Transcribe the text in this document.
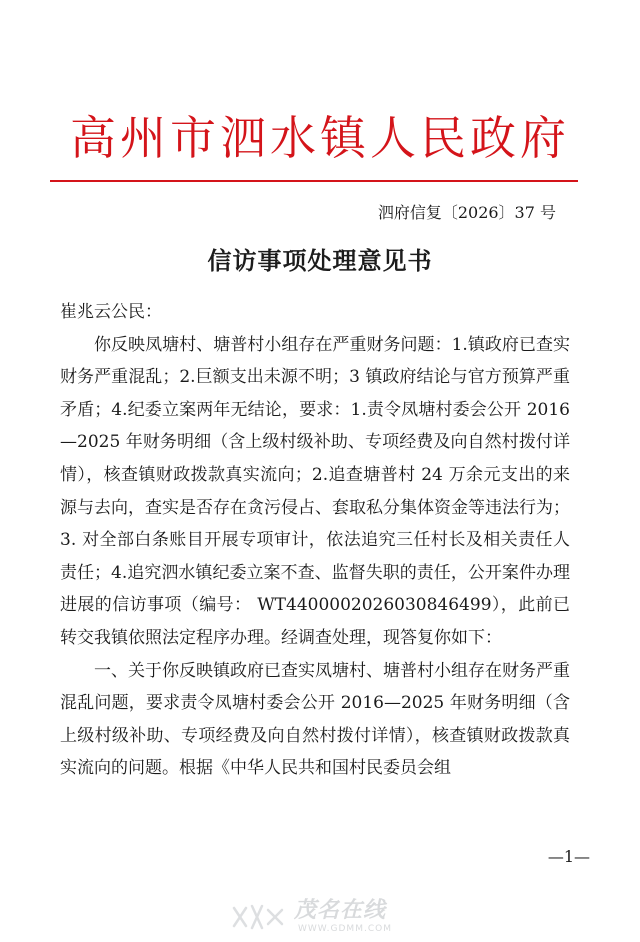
高州市泗水镇人民政府
泗府信复〔2026〕37 号
信访事项处理意见书

崔兆云公民：

你反映凤塘村、塘普村小组存在严重财务问题：1.镇政府已查实财务严重混乱；2.巨额支出未源不明；3 镇政府结论与官方预算严重矛盾；4.纪委立案两年无结论，要求：1.责令凤塘村委会公开 2016—2025 年财务明细（含上级村级补助、专项经费及向自然村拨付详情），核查镇财政拨款真实流向；2.追查塘普村 24 万余元支出的来源与去向，查实是否存在贪污侵占、套取私分集体资金等违法行为；3. 对全部白条账目开展专项审计，依法追究三任村长及相关责任人责任；4.追究泗水镇纪委立案不查、监督失职的责任，公开案件办理进展的信访事项（编号： WT4400002026030846499），此前已转交我镇依照法定程序办理。经调查处理，现答复你如下：

一、关于你反映镇政府已查实凤塘村、塘普村小组存在财务严重混乱问题，要求责令凤塘村委会公开 2016—2025 年财务明细（含上级村级补助、专项经费及向自然村拨付详情），核查镇财政拨款真实流向的问题。根据《中华人民共和国村民委员会组

—1—
茂名在线
WWW.GDMM.COM
